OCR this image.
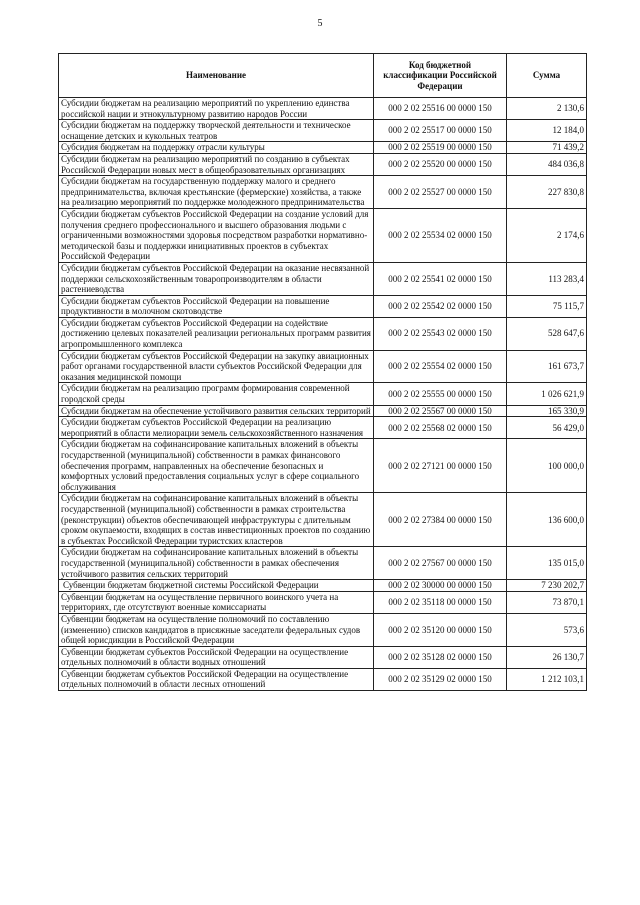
5
Наименование	Код бюджетной классификации Российской Федерации	Сумма
Субсидии бюджетам на реализацию мероприятий по укреплению единства российской нации и этнокультурному развитию народов России	000 2 02 25516 00 0000 150	2 130,6
Субсидии бюджетам на поддержку творческой деятельности и техническое оснащение детских и кукольных театров	000 2 02 25517 00 0000 150	12 184,0
Субсидия бюджетам на поддержку отрасли культуры	000 2 02 25519 00 0000 150	71 439,2
Субсидии бюджетам на реализацию мероприятий по созданию в субъектах Российской Федерации новых мест в общеобразовательных организациях	000 2 02 25520 00 0000 150	484 036,8
Субсидии бюджетам на государственную поддержку малого и среднего предпринимательства, включая крестьянские (фермерские) хозяйства, а также на реализацию мероприятий по поддержке молодежного предпринимательства	000 2 02 25527 00 0000 150	227 830,8
Субсидии бюджетам субъектов Российской Федерации на создание условий для получения среднего профессионального и высшего образования людьми с ограниченными возможностями здоровья посредством разработки нормативно-методической базы и поддержки инициативных проектов в субъектах Российской Федерации	000 2 02 25534 02 0000 150	2 174,6
Субсидии бюджетам субъектов Российской Федерации на оказание несвязанной поддержки сельскохозяйственным товаропроизводителям в области растениеводства	000 2 02 25541 02 0000 150	113 283,4
Субсидии бюджетам субъектов Российской Федерации на повышение продуктивности в молочном скотоводстве	000 2 02 25542 02 0000 150	75 115,7
Субсидии бюджетам субъектов Российской Федерации на содействие достижению целевых показателей реализации региональных программ развития агропромышленного комплекса	000 2 02 25543 02 0000 150	528 647,6
Субсидии бюджетам субъектов Российской Федерации на закупку авиационных работ органами государственной власти субъектов Российской Федерации для оказания медицинской помощи	000 2 02 25554 02 0000 150	161 673,7
Субсидии бюджетам на реализацию программ формирования современной городской среды	000 2 02 25555 00 0000 150	1 026 621,9
Субсидии бюджетам на обеспечение устойчивого развития сельских территорий	000 2 02 25567 00 0000 150	165 330,9
Субсидии бюджетам субъектов Российской Федерации на реализацию мероприятий в области мелиорации земель сельскохозяйственного назначения	000 2 02 25568 02 0000 150	56 429,0
Субсидии бюджетам на софинансирование капитальных вложений в объекты государственной (муниципальной) собственности в рамках финансового обеспечения программ, направленных на обеспечение безопасных и комфортных условий предоставления социальных услуг в сфере социального обслуживания	000 2 02 27121 00 0000 150	100 000,0
Субсидии бюджетам на софинансирование капитальных вложений в объекты государственной (муниципальной) собственности в рамках строительства (реконструкции) объектов обеспечивающей инфраструктуры с длительным сроком окупаемости, входящих в состав инвестиционных проектов по созданию в субъектах Российской Федерации туристских кластеров	000 2 02 27384 00 0000 150	136 600,0
Субсидии бюджетам на софинансирование капитальных вложений в объекты государственной (муниципальной) собственности в рамках обеспечения устойчивого развития сельских территорий	000 2 02 27567 00 0000 150	135 015,0
Субвенции бюджетам бюджетной системы Российской Федерации	000 2 02 30000 00 0000 150	7 230 202,7
Субвенции бюджетам на осуществление первичного воинского учета на территориях, где отсутствуют военные комиссариаты	000 2 02 35118 00 0000 150	73 870,1
Субвенции бюджетам на осуществление полномочий по составлению (изменению) списков кандидатов в присяжные заседатели федеральных судов общей юрисдикции в Российской Федерации	000 2 02 35120 00 0000 150	573,6
Субвенции бюджетам субъектов Российской Федерации на осуществление отдельных полномочий в области водных отношений	000 2 02 35128 02 0000 150	26 130,7
Субвенции бюджетам субъектов Российской Федерации на осуществление отдельных полномочий в области лесных отношений	000 2 02 35129 02 0000 150	1 212 103,1
